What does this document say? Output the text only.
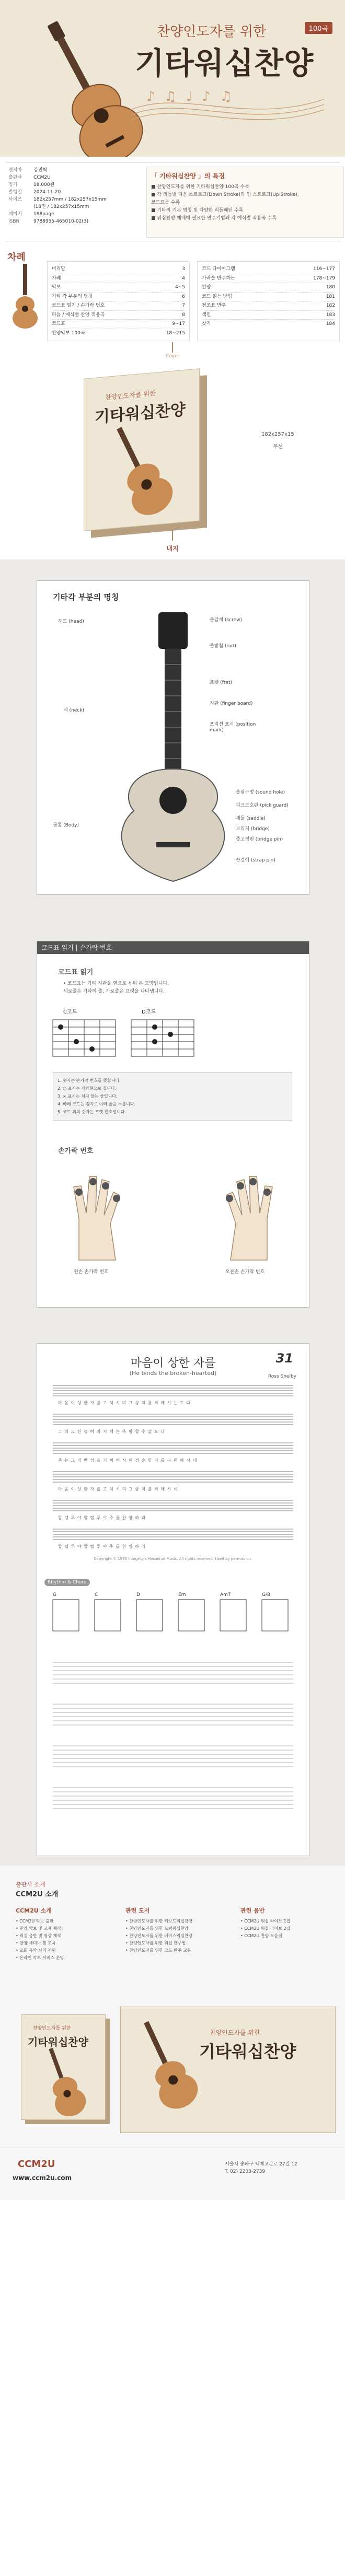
찬양인도자를 위한
기타워십찬양
100곡
♪♫♩♪♫
편저자	강민혁
출판사	CCM2U
정가	18,000원
발행일	2024-11-20
사이즈	182x257mm / 182x257x15mm
(18면 / 182x257x15mm
페이지	188page
ISBN	9788955-465010-02(3)
「 기타워십찬양 」의 특징
■ 찬양인도자를 위한 기타워십찬양 100곡 수록
■ 각 리듬별 다운 스트로크(Down Stroke)와 업 스트로크(Up Stroke),
코드표를 수록
■ 기타의 기본 명칭 및 다양한 리듬패턴 수록
■ 워십찬양 예배에 필요한 연주기법과 각 예식별 적용곡 수록
차례
머리말	3
차례	4
악보	4~5
기타 각 부분의 명칭	6
코드표 읽기 / 손가락 번호	7
리듬 / 예식별 찬양 적용곡	8
코드표	9~17
찬양악보 100곡	18~215
코드 다이어그램	116~177
가락을 반주하는	178~179
찬양	180
코드 읽는 방법	181
점조표 반주	182
색인	183
찾기	184
Cover
찬양인도자를 위한
기타워십찬양
182x257x15
무선
내지
기타각 부분의 명칭
헤드 (head)
넥 (neck)
몸통 (Body)
줄감개 (screw)
줄받침 (nut)
프렛 (fret)
지판 (finger board)
포지션 표시 (position mark)
울림구멍 (sound hole)
피크보호판 (pick guard)
새들 (saddle)
브리지 (bridge)
줄고정핀 (bridge pin)
끈걸이 (strap pin)
코드표 읽기 | 손가락 번호
코드표 읽기
• 코드표는 기타 지판을 옆으로 세워 본 모양입니다.
세로줄은 기타의 줄, 가로줄은 프렛을 나타냅니다.
C코드	D코드
1. 숫자는 손가락 번호를 뜻합니다.
2. ○ 표시는 개방현으로 칩니다.
3. × 표시는 치지 않는 줄입니다.
4. 바레 코드는 검지로 여러 줄을 누릅니다.
5. 코드 위의 숫자는 프렛 번호입니다.
손가락 번호
왼손 손가락 번호	오른손 손가락 번호
31
마음이 상한 자를
(He binds the broken-hearted)	Ross Shelby
마 음 이 상 한 자 를 고 치 시 며 그 상 처 를 싸 매 시 는 도 다
그 의 크 신 능 력 과 지 혜 는 측 량 할 수 없 도 다
주 는 그 의 백 성 을 기 뻐 하 시 며 겸 손 한 자 를 구 원 하 시 네
마 음 이 상 한 자 를 고 치 시 며 그 상 처 를 싸 매 시 네
할 렐 루 야 할 렐 루 야 주 를 찬 양 하 라
할 렐 루 야 할 렐 루 야 주 를 찬 양 하 라
Copyright © 1985 Integrity's Hosanna! Music. All rights reserved. Used by permission.
Rhythm & Chord
G	C	D	Em	Am7	G/B
출판사 소개
CCM2U 소개
CCM2U 소개
• CCM2U 악보 출판
• 찬양 악보 및 교재 제작
• 워십 음반 및 영상 제작
• 찬양 세미나 및 교육
• 교회 음악 사역 지원
• 온라인 악보 서비스 운영
관련 도서
• 찬양인도자를 위한 키보드워십찬양
• 찬양인도자를 위한 드럼워십찬양
• 찬양인도자를 위한 베이스워십찬양
• 찬양인도자를 위한 워십 반주법
• 찬양인도자를 위한 코드 반주 교본
관련 음반
• CCM2U 워십 라이브 1집
• CCM2U 워십 라이브 2집
• CCM2U 찬양 모음집
찬양인도자를 위한
기타워십찬양
찬양인도자를 위한
기타워십찬양
CCM2U
www.ccm2u.com
서울시 송파구 백제고분로 27길 12
T. 02) 2203-2739
